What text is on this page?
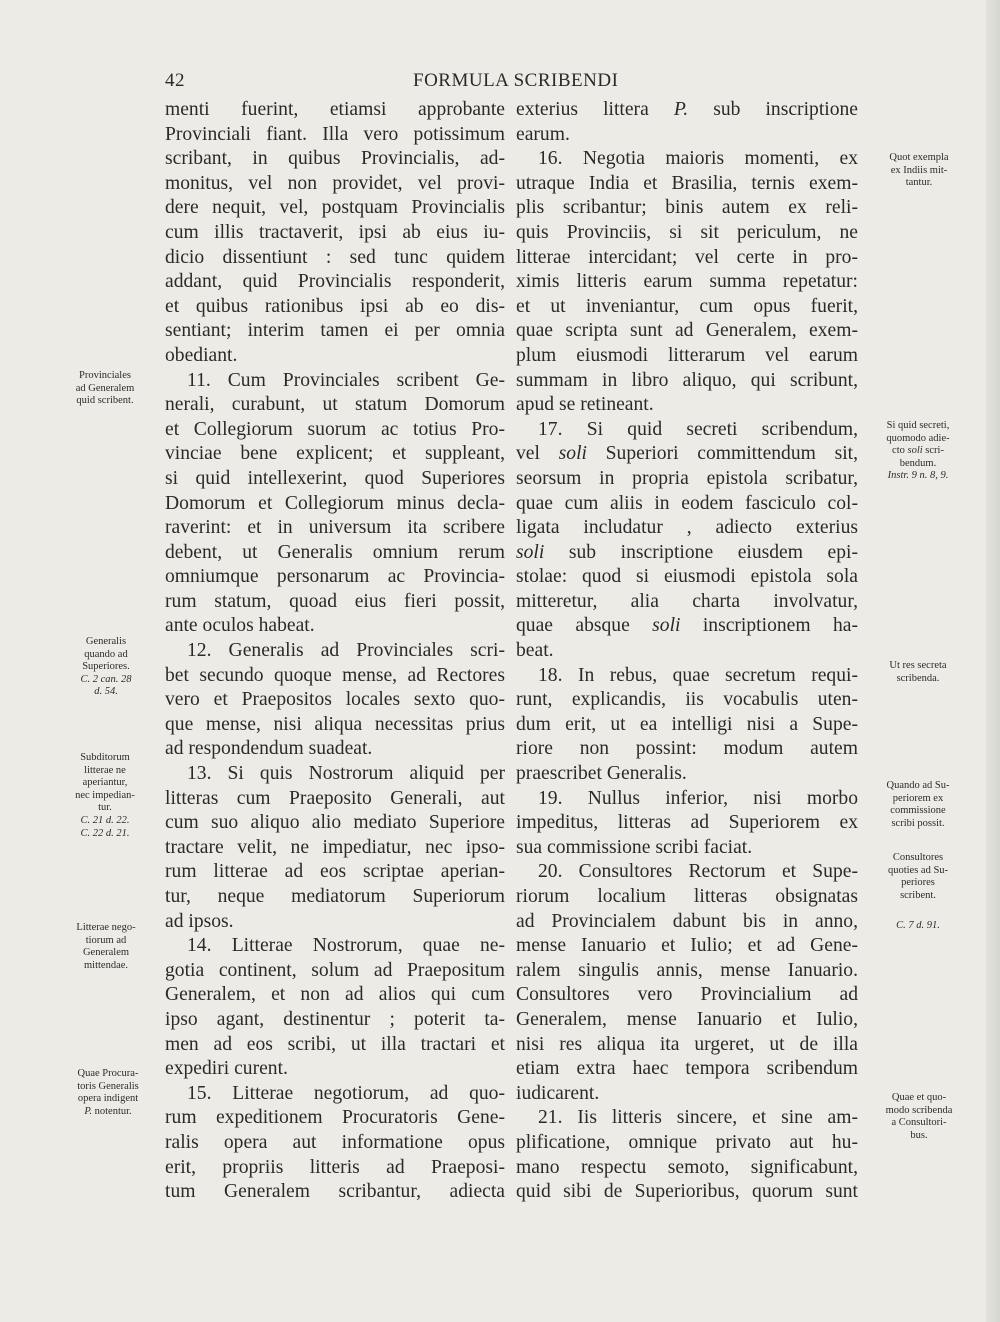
42	FORMULA SCRIBENDI
menti fuerint, etiamsi approbante
Provinciali fiant. Illa vero potissimum
scribant, in quibus Provincialis, ad-
monitus, vel non providet, vel provi-
dere nequit, vel, postquam Provincialis
cum illis tractaverit, ipsi ab eius iu-
dicio dissentiunt : sed tunc quidem
addant, quid Provincialis responderit,
et quibus rationibus ipsi ab eo dis-
sentiant; interim tamen ei per omnia
obediant.
11. Cum Provinciales scribent Ge-
nerali, curabunt, ut statum Domorum
et Collegiorum suorum ac totius Pro-
vinciae bene explicent; et suppleant,
si quid intellexerint, quod Superiores
Domorum et Collegiorum minus decla-
raverint: et in universum ita scribere
debent, ut Generalis omnium rerum
omniumque personarum ac Provincia-
rum statum, quoad eius fieri possit,
ante oculos habeat.
12. Generalis ad Provinciales scri-
bet secundo quoque mense, ad Rectores
vero et Praepositos locales sexto quo-
que mense, nisi aliqua necessitas prius
ad respondendum suadeat.
13. Si quis Nostrorum aliquid per
litteras cum Praeposito Generali, aut
cum suo aliquo alio mediato Superiore
tractare velit, ne impediatur, nec ipso-
rum litterae ad eos scriptae aperian-
tur, neque mediatorum Superiorum
ad ipsos.
14. Litterae Nostrorum, quae ne-
gotia continent, solum ad Praepositum
Generalem, et non ad alios qui cum
ipso agant, destinentur ; poterit ta-
men ad eos scribi, ut illa tractari et
expediri curent.
15. Litterae negotiorum, ad quo-
rum expeditionem Procuratoris Gene-
ralis opera aut informatione opus
erit, propriis litteris ad Praeposi-
tum Generalem scribantur, adiecta
exterius littera P. sub inscriptione
earum.
16. Negotia maioris momenti, ex
utraque India et Brasilia, ternis exem-
plis scribantur; binis autem ex reli-
quis Provinciis, si sit periculum, ne
litterae intercidant; vel certe in pro-
ximis litteris earum summa repetatur:
et ut inveniantur, cum opus fuerit,
quae scripta sunt ad Generalem, exem-
plum eiusmodi litterarum vel earum
summam in libro aliquo, qui scribunt,
apud se retineant.
17. Si quid secreti scribendum,
vel soli Superiori committendum sit,
seorsum in propria epistola scribatur,
quae cum aliis in eodem fasciculo col-
ligata includatur , adiecto exterius
soli sub inscriptione eiusdem epi-
stolae: quod si eiusmodi epistola sola
mitteretur, alia charta involvatur,
quae absque soli inscriptionem ha-
beat.
18. In rebus, quae secretum requi-
runt, explicandis, iis vocabulis uten-
dum erit, ut ea intelligi nisi a Supe-
riore non possint: modum autem
praescribet Generalis.
19. Nullus inferior, nisi morbo
impeditus, litteras ad Superiorem ex
sua commissione scribi faciat.
20. Consultores Rectorum et Supe-
riorum localium litteras obsignatas
ad Provincialem dabunt bis in anno,
mense Ianuario et Iulio; et ad Gene-
ralem singulis annis, mense Ianuario.
Consultores vero Provincialium ad
Generalem, mense Ianuario et Iulio,
nisi res aliqua ita urgeret, ut de illa
etiam extra haec tempora scribendum
iudicarent.
21. Iis litteris sincere, et sine am-
plificatione, omnique privato aut hu-
mano respectu semoto, significabunt,
quid sibi de Superioribus, quorum sunt
Provinciales
ad Generalem
quid scribent.
Generalis
quando ad
Superiores.
C. 2 can. 28
d. 54.
Subditorum
litterae ne
aperiantur,
nec impedian-
tur.
C. 21 d. 22.
C. 22 d. 21.
Litterae nego-
tiorum ad
Generalem
mittendae.
Quae Procura-
toris Generalis
opera indigent
P. notentur.
Quot exempla
ex Indiis mit-
tantur.
Si quid secreti,
quomodo adie-
cto soli scri-
bendum.
Instr. 9 n. 8, 9.
Ut res secreta
scribenda.
Quando ad Su-
periorem ex
commissione
scribi possit.
Consultores
quoties ad Su-
periores
scribent.
C. 7 d. 91.
Quae et quo-
modo scribenda
a Consultori-
bus.
